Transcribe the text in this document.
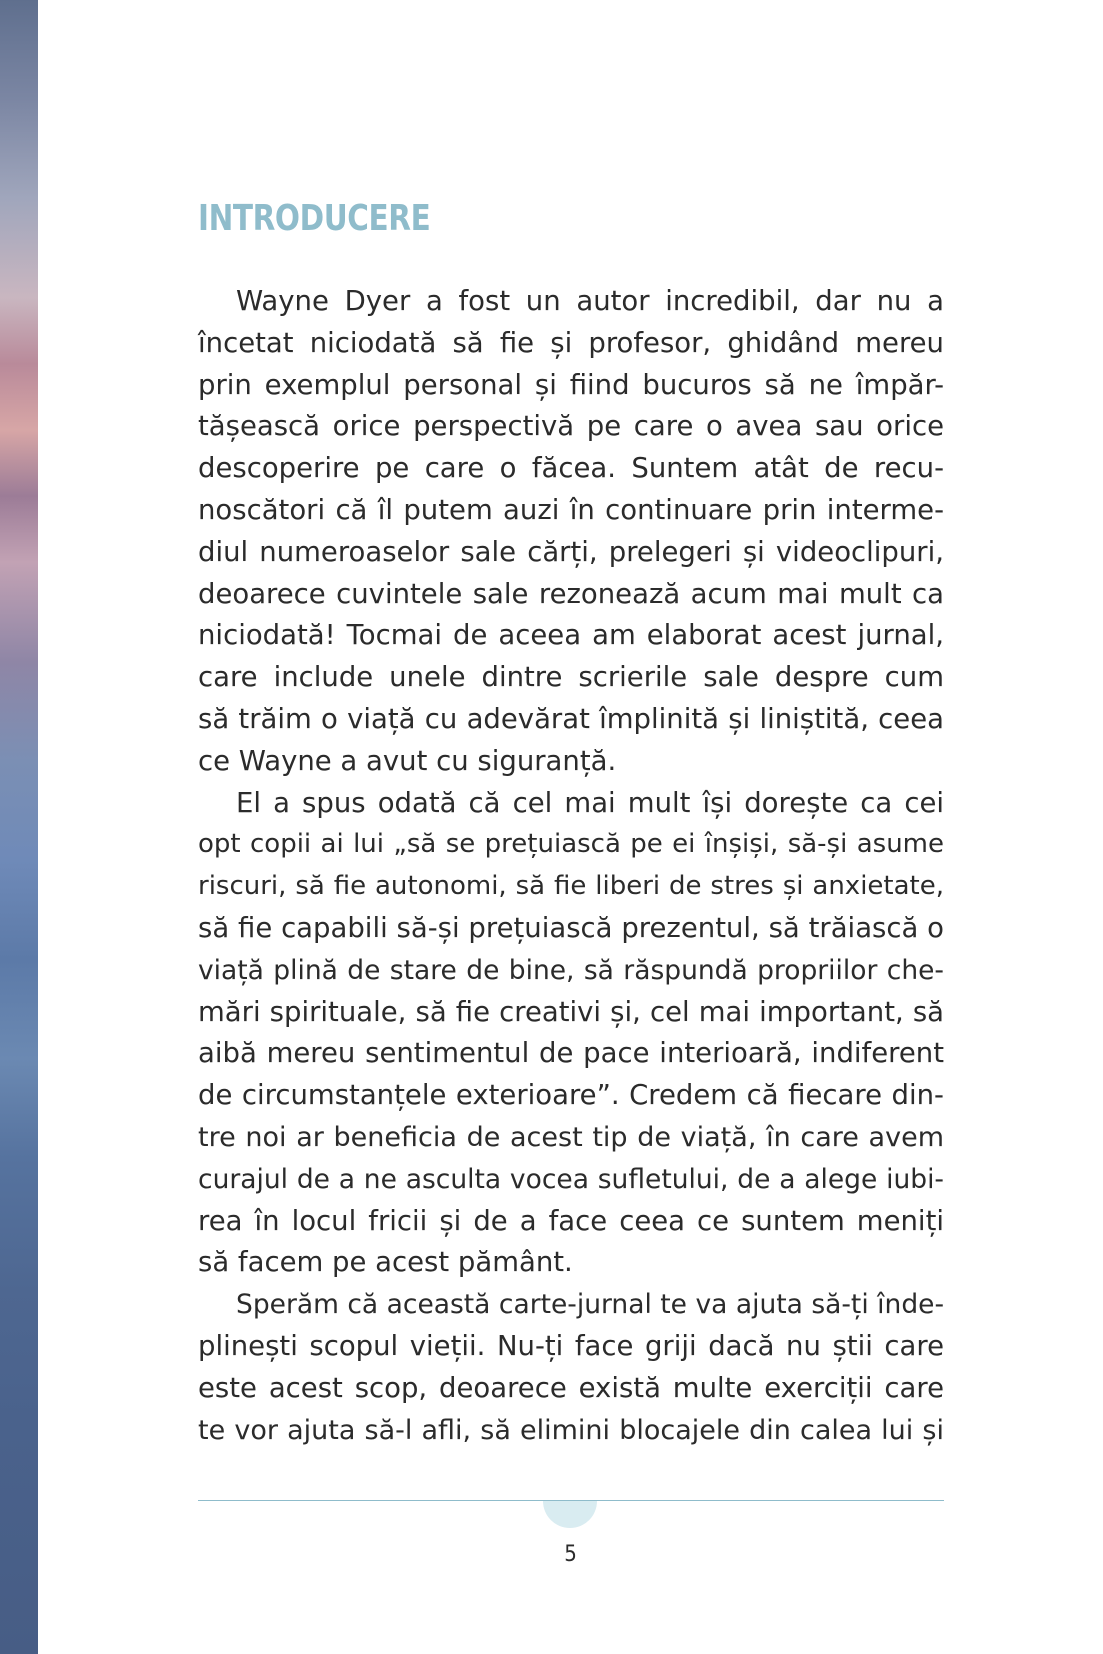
INTRODUCERE
Wayne Dyer a fost un autor incredibil, dar nu a
încetat niciodată să fie și profesor, ghidând mereu
prin exemplul personal și fiind bucuros să ne împăr-
tășească orice perspectivă pe care o avea sau orice
descoperire pe care o făcea. Suntem atât de recu-
noscători că îl putem auzi în continuare prin interme-
diul numeroaselor sale cărți, prelegeri și videoclipuri,
deoarece cuvintele sale rezonează acum mai mult ca
niciodată! Tocmai de aceea am elaborat acest jurnal,
care include unele dintre scrierile sale despre cum
să trăim o viață cu adevărat împlinită și liniștită, ceea
ce Wayne a avut cu siguranță.
El a spus odată că cel mai mult își dorește ca cei
opt copii ai lui „să se prețuiască pe ei înșiși, să-și asume
riscuri, să fie autonomi, să fie liberi de stres și anxietate,
să fie capabili să-și prețuiască prezentul, să trăiască o
viață plină de stare de bine, să răspundă propriilor che-
mări spirituale, să fie creativi și, cel mai important, să
aibă mereu sentimentul de pace interioară, indiferent
de circumstanțele exterioare”. Credem că fiecare din-
tre noi ar beneficia de acest tip de viață, în care avem
curajul de a ne asculta vocea sufletului, de a alege iubi-
rea în locul fricii și de a face ceea ce suntem meniți
să facem pe acest pământ.
Sperăm că această carte-jurnal te va ajuta să-ți înde-
plinești scopul vieții. Nu-ți face griji dacă nu știi care
este acest scop, deoarece există multe exerciții care
te vor ajuta să-l afli, să elimini blocajele din calea lui și
5
